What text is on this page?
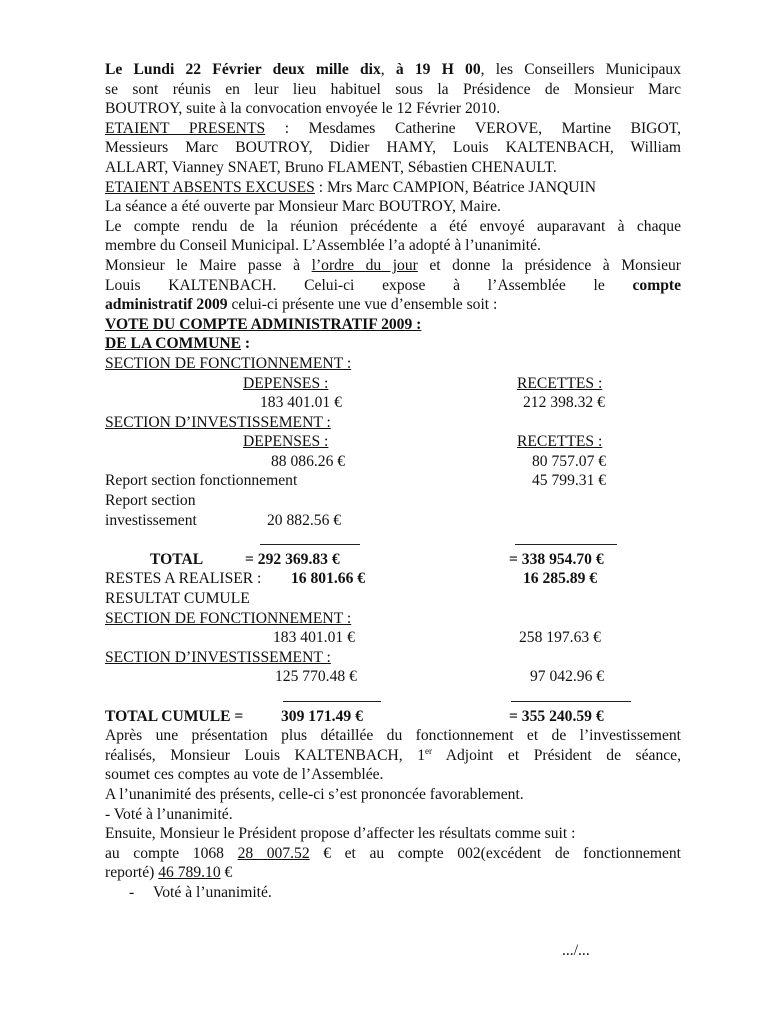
Le Lundi 22 Février deux mille dix, à 19 H 00, les Conseillers Municipaux
se sont réunis en leur lieu habituel sous la Présidence de Monsieur Marc
BOUTROY, suite à la convocation envoyée le 12 Février 2010.
ETAIENT PRESENTS : Mesdames Catherine VEROVE, Martine BIGOT,
Messieurs Marc BOUTROY, Didier HAMY, Louis KALTENBACH, William
ALLART, Vianney SNAET, Bruno FLAMENT, Sébastien CHENAULT.
ETAIENT ABSENTS EXCUSES : Mrs Marc CAMPION, Béatrice JANQUIN
La séance a été ouverte par Monsieur Marc BOUTROY, Maire.
Le compte rendu de la réunion précédente a été envoyé auparavant à chaque
membre du Conseil Municipal. L’Assemblée l’a adopté à l’unanimité.
Monsieur le Maire passe à l’ordre du jour et donne la présidence à Monsieur
Louis KALTENBACH. Celui-ci expose à l’Assemblée le compte
administratif 2009 celui-ci présente une vue d’ensemble soit :
VOTE DU COMPTE ADMINISTRATIF 2009 :
DE LA COMMUNE :
SECTION DE FONCTIONNEMENT :
DEPENSES :	RECETTES :
183 401.01 €	212 398.32 €
SECTION D’INVESTISSEMENT :
DEPENSES :	RECETTES :
88 086.26 €	80 757.07 €
Report section fonctionnement	45 799.31 €
Report section
investissement	20 882.56 €
TOTAL	= 292 369.83 €	= 338 954.70 €
RESTES A REALISER : 16 801.66 €	16 285.89 €
RESULTAT CUMULE
SECTION DE FONCTIONNEMENT :
183 401.01 €	258 197.63 €
SECTION D’INVESTISSEMENT :
125 770.48 €	97 042.96 €
TOTAL CUMULE = 309 171.49 €	= 355 240.59 €
Après une présentation plus détaillée du fonctionnement et de l’investissement
réalisés, Monsieur Louis KALTENBACH, 1er Adjoint et Président de séance,
soumet ces comptes au vote de l’Assemblée.
A l’unanimité des présents, celle-ci s’est prononcée favorablement.
- Voté à l’unanimité.
Ensuite, Monsieur le Président propose d’affecter les résultats comme suit :
au compte 1068 28 007.52 € et au compte 002(excédent de fonctionnement
reporté) 46 789.10 €
- Voté à l’unanimité.
.../...
